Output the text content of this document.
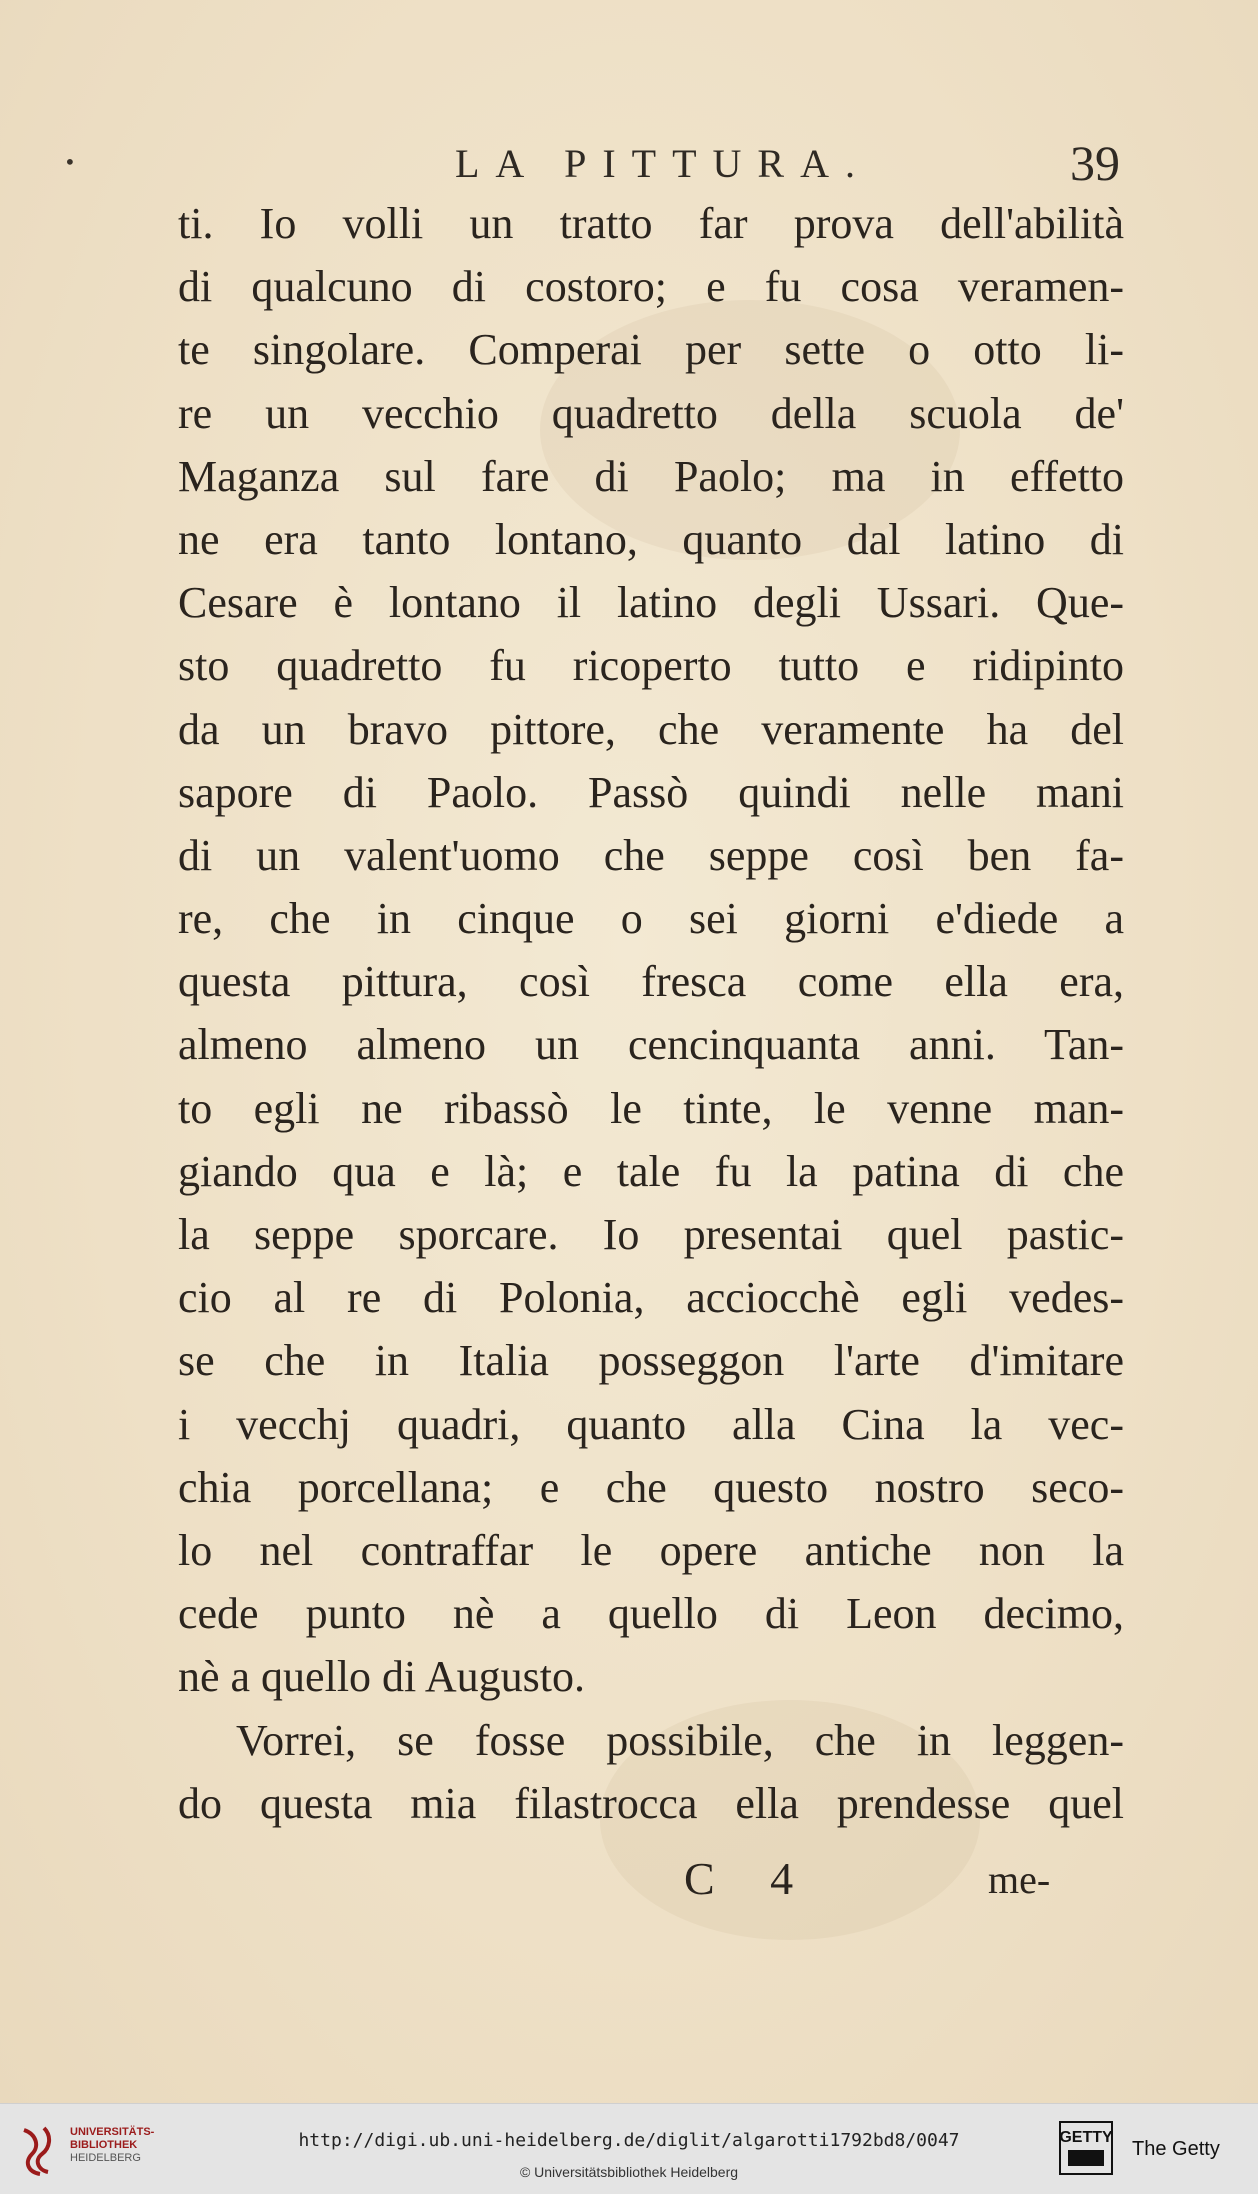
•	LA PITTURA.	39
ti. Io volli un tratto far prova dell'abilità
di qualcuno di costoro; e fu cosa veramen-
te singolare. Comperai per sette o otto li-
re un vecchio quadretto della scuola de'
Maganza sul fare di Paolo; ma in effetto
ne era tanto lontano, quanto dal latino di
Cesare è lontano il latino degli Ussari. Que-
sto quadretto fu ricoperto tutto e ridipinto
da un bravo pittore, che veramente ha del
sapore di Paolo. Passò quindi nelle mani
di un valent'uomo che seppe così ben fa-
re, che in cinque o sei giorni e'diede a
questa pittura, così fresca come ella era,
almeno almeno un cencinquanta anni. Tan-
to egli ne ribassò le tinte, le venne man-
giando qua e là; e tale fu la patina di che
la seppe sporcare. Io presentai quel pastic-
cio al re di Polonia, acciocchè egli vedes-
se che in Italia posseggon l'arte d'imitare
i vecchj quadri, quanto alla Cina la vec-
chia porcellana; e che questo nostro seco-
lo nel contraffar le opere antiche non la
cede punto nè a quello di Leon decimo,
nè a quello di Augusto.
Vorrei, se fosse possibile, che in leggen-
do questa mia filastrocca ella prendesse quel
C 4	me-
UNIVERSITÄTS-
BIBLIOTHEK
HEIDELBERG
http://digi.ub.uni-heidelberg.de/diglit/algarotti1792bd8/0047
© Universitätsbibliothek Heidelberg
GETTY
The Getty
